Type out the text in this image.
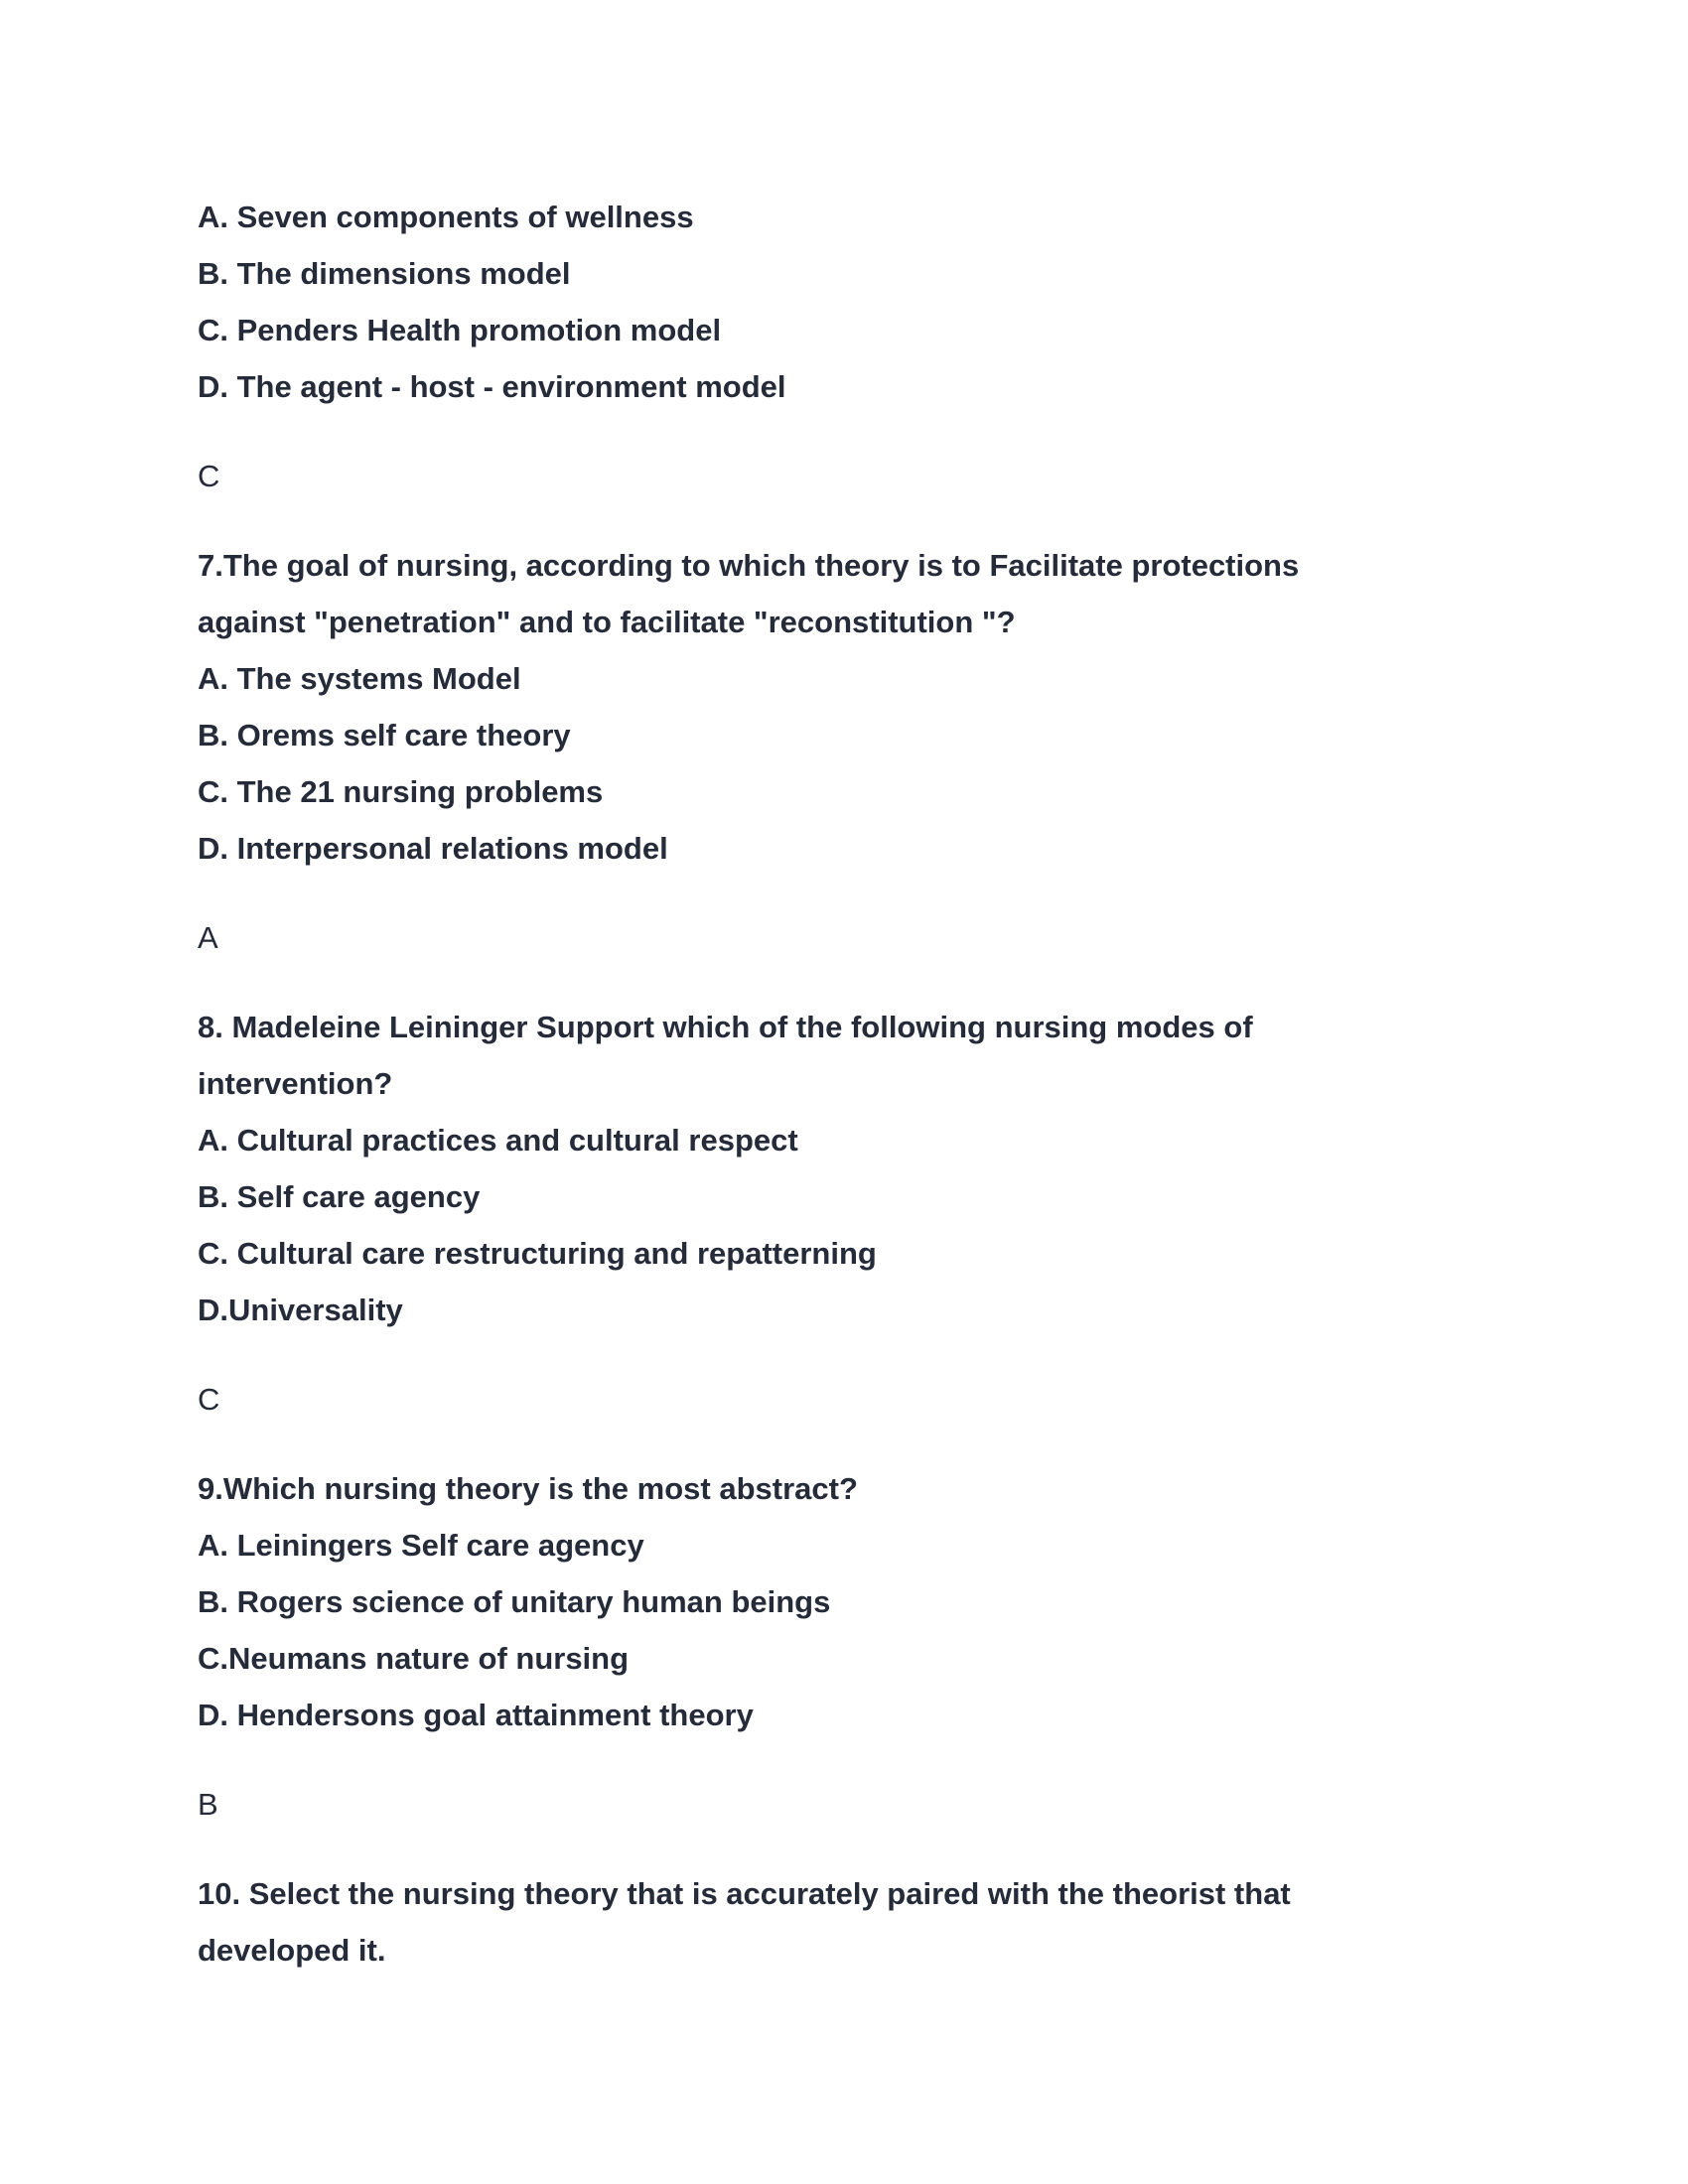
A. Seven components of wellness
B. The dimensions model
C. Penders Health promotion model
D. The agent - host - environment model
C
7.The goal of nursing, according to which theory is to Facilitate protections
against "penetration" and to facilitate "reconstitution "?
A. The systems Model
B. Orems self care theory
C. The 21 nursing problems
D. Interpersonal relations model
A
8. Madeleine Leininger Support which of the following nursing modes of
intervention?
A. Cultural practices and cultural respect
B. Self care agency
C. Cultural care restructuring and repatterning
D.Universality
C
9.Which nursing theory is the most abstract?
A. Leiningers Self care agency
B. Rogers science of unitary human beings
C.Neumans nature of nursing
D. Hendersons goal attainment theory
B
10. Select the nursing theory that is accurately paired with the theorist that
developed it.
